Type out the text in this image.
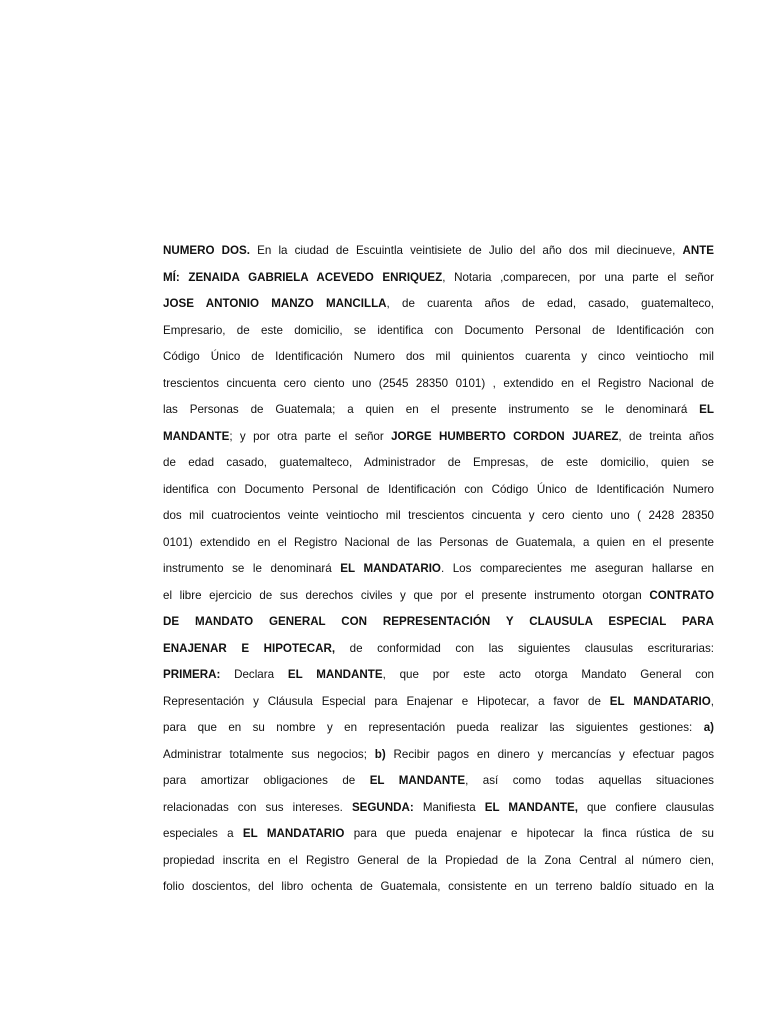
NUMERO DOS. En la ciudad de Escuintla veintisiete de Julio del año dos mil diecinueve, ANTE
MÍ: ZENAIDA GABRIELA ACEVEDO ENRIQUEZ, Notaria ,comparecen, por una parte el señor
JOSE ANTONIO MANZO MANCILLA, de cuarenta años de edad, casado, guatemalteco,
Empresario, de este domicilio, se identifica con Documento Personal de Identificación con
Código Único de Identificación Numero dos mil quinientos cuarenta y cinco veintiocho mil
trescientos cincuenta cero ciento uno (2545 28350 0101) , extendido en el Registro Nacional de
las Personas de Guatemala; a quien en el presente instrumento se le denominará EL
MANDANTE; y por otra parte el señor JORGE HUMBERTO CORDON JUAREZ, de treinta años
de edad casado, guatemalteco, Administrador de Empresas, de este domicilio, quien se
identifica con Documento Personal de Identificación con Código Único de Identificación Numero
dos mil cuatrocientos veinte veintiocho mil trescientos cincuenta y cero ciento uno ( 2428 28350
0101) extendido en el Registro Nacional de las Personas de Guatemala, a quien en el presente
instrumento se le denominará EL MANDATARIO. Los comparecientes me aseguran hallarse en
el libre ejercicio de sus derechos civiles y que por el presente instrumento otorgan CONTRATO
DE MANDATO GENERAL CON REPRESENTACIÓN Y CLAUSULA ESPECIAL PARA
ENAJENAR E HIPOTECAR, de conformidad con las siguientes clausulas escriturarias:
PRIMERA: Declara EL MANDANTE, que por este acto otorga Mandato General con
Representación y Cláusula Especial para Enajenar e Hipotecar, a favor de EL MANDATARIO,
para que en su nombre y en representación pueda realizar las siguientes gestiones: a)
Administrar totalmente sus negocios; b) Recibir pagos en dinero y mercancías y efectuar pagos
para amortizar obligaciones de EL MANDANTE, así como todas aquellas situaciones
relacionadas con sus intereses. SEGUNDA: Manifiesta EL MANDANTE, que confiere clausulas
especiales a EL MANDATARIO para que pueda enajenar e hipotecar la finca rústica de su
propiedad inscrita en el Registro General de la Propiedad de la Zona Central al número cien,
folio doscientos, del libro ochenta de Guatemala, consistente en un terreno baldío situado en la
